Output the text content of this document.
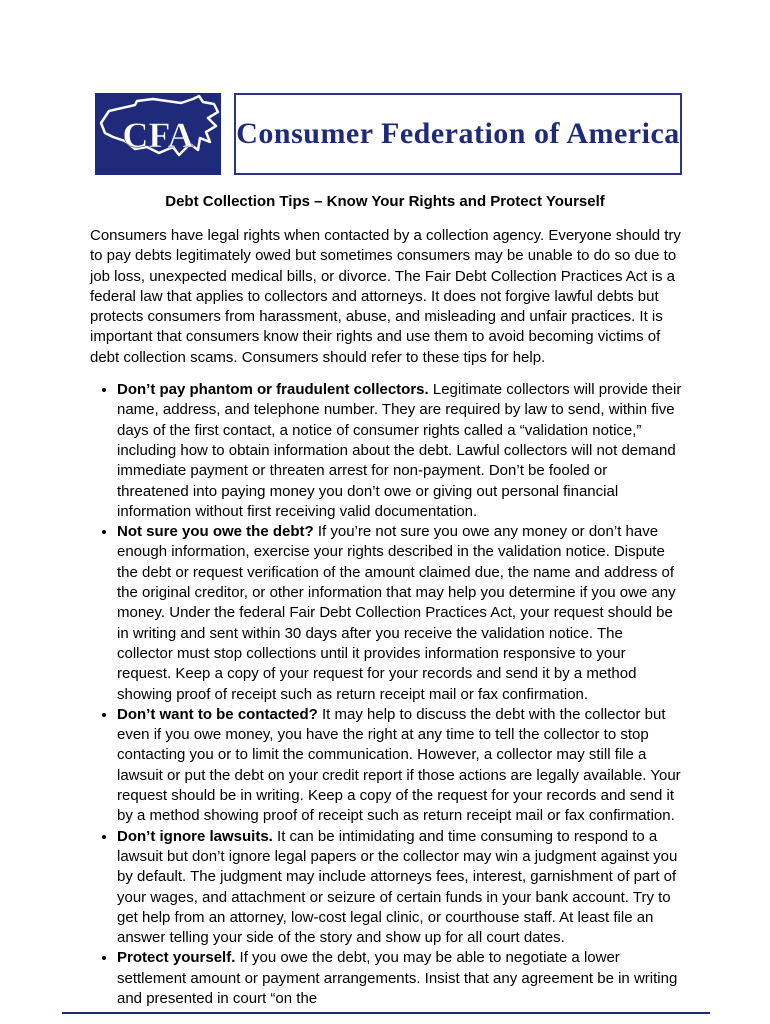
CFA Consumer Federation of America
Debt Collection Tips – Know Your Rights and Protect Yourself

Consumers have legal rights when contacted by a collection agency. Everyone should try to pay debts legitimately owed but sometimes consumers may be unable to do so due to job loss, unexpected medical bills, or divorce. The Fair Debt Collection Practices Act is a federal law that applies to collectors and attorneys. It does not forgive lawful debts but protects consumers from harassment, abuse, and misleading and unfair practices. It is important that consumers know their rights and use them to avoid becoming victims of debt collection scams. Consumers should refer to these tips for help.

• Don’t pay phantom or fraudulent collectors. Legitimate collectors will provide their name, address, and telephone number. They are required by law to send, within five days of the first contact, a notice of consumer rights called a “validation notice,” including how to obtain information about the debt. Lawful collectors will not demand immediate payment or threaten arrest for non-payment. Don’t be fooled or threatened into paying money you don’t owe or giving out personal financial information without first receiving valid documentation.
• Not sure you owe the debt? If you’re not sure you owe any money or don’t have enough information, exercise your rights described in the validation notice. Dispute the debt or request verification of the amount claimed due, the name and address of the original creditor, or other information that may help you determine if you owe any money. Under the federal Fair Debt Collection Practices Act, your request should be in writing and sent within 30 days after you receive the validation notice. The collector must stop collections until it provides information responsive to your request. Keep a copy of your request for your records and send it by a method showing proof of receipt such as return receipt mail or fax confirmation.
• Don’t want to be contacted? It may help to discuss the debt with the collector but even if you owe money, you have the right at any time to tell the collector to stop contacting you or to limit the communication. However, a collector may still file a lawsuit or put the debt on your credit report if those actions are legally available. Your request should be in writing. Keep a copy of the request for your records and send it by a method showing proof of receipt such as return receipt mail or fax confirmation.
• Don’t ignore lawsuits. It can be intimidating and time consuming to respond to a lawsuit but don’t ignore legal papers or the collector may win a judgment against you by default. The judgment may include attorneys fees, interest, garnishment of part of your wages, and attachment or seizure of certain funds in your bank account. Try to get help from an attorney, low-cost legal clinic, or courthouse staff. At least file an answer telling your side of the story and show up for all court dates.
• Protect yourself. If you owe the debt, you may be able to negotiate a lower settlement amount or payment arrangements. Insist that any agreement be in writing and presented in court “on the
